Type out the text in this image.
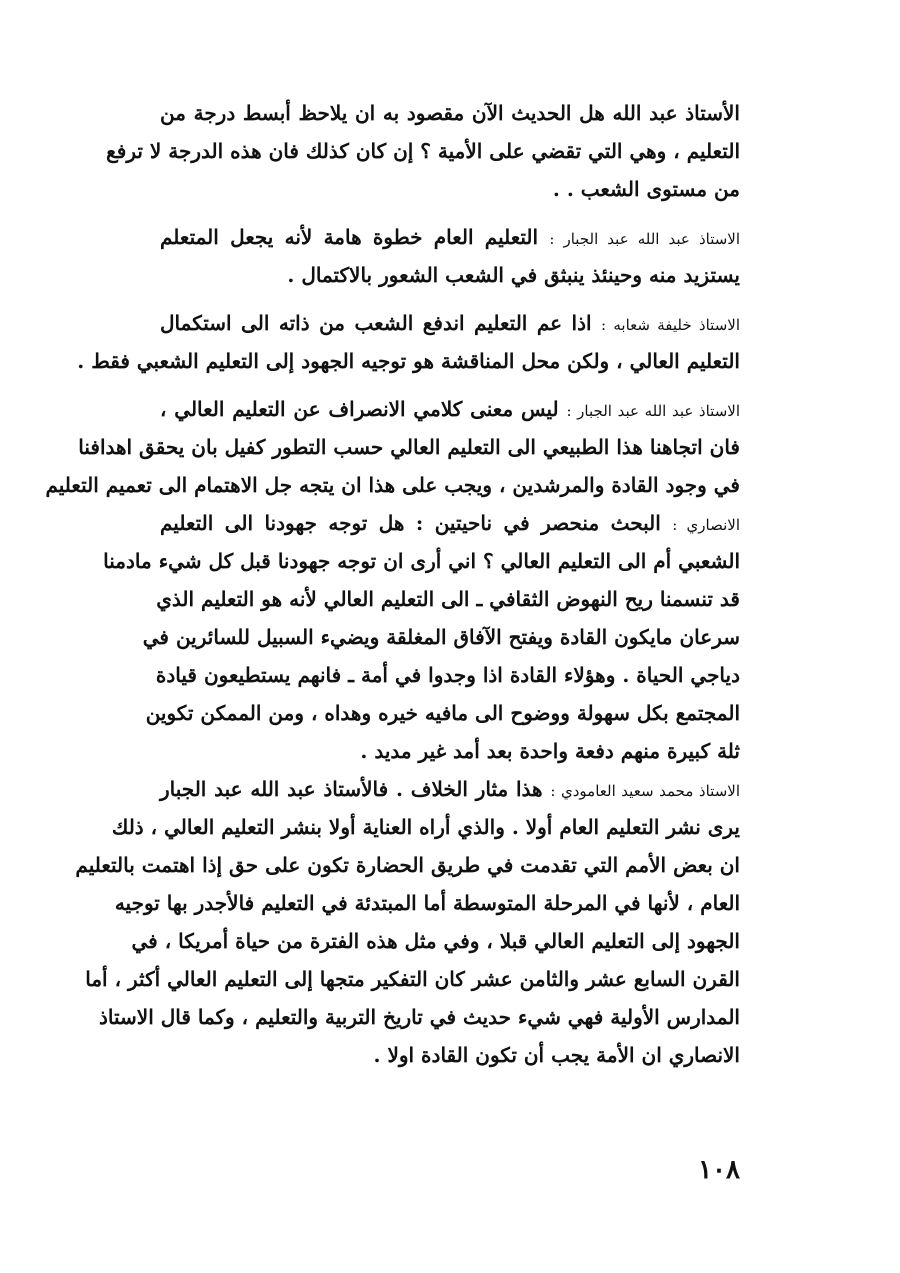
الأستاذ عبد الله هل الحديث الآن مقصود به ان يلاحظ أبسط درجة من
التعليم ، وهي التي تقضي على الأمية ؟ إن كان كذلك فان هذه الدرجة لا ترفع
من مستوى الشعب . .
الاستاذ عبد الله عبد الجبار : التعليم العام خطوة هامة لأنه يجعل المتعلم
يستزيد منه وحينئذ ينبثق في الشعب الشعور بالاكتمال .
الاستاذ خليفة شعابه : اذا عم التعليم اندفع الشعب من ذاته الى استكمال
التعليم العالي ، ولكن محل المناقشة هو توجيه الجهود إلى التعليم الشعبي فقط .
الاستاذ عبد الله عبد الجبار : ليس معنى كلامي الانصراف عن التعليم العالي ،
فان اتجاهنا هذا الطبيعي الى التعليم العالي حسب التطور كفيل بان يحقق اهدافنا
في وجود القادة والمرشدين ، ويجب على هذا ان يتجه جل الاهتمام الى تعميم التعليم
الانصاري : البحث منحصر في ناحيتين : هل توجه جهودنا الى التعليم
الشعبي أم الى التعليم العالي ؟ اني أرى ان توجه جهودنا قبل كل شيء مادمنا
قد تنسمنا ريح النهوض الثقافي ـ الى التعليم العالي لأنه هو التعليم الذي
سرعان مايكون القادة ويفتح الآفاق المغلقة ويضيء السبيل للسائرين في
دياجي الحياة . وهؤلاء القادة اذا وجدوا في أمة ـ فانهم يستطيعون قيادة
المجتمع بكل سهولة ووضوح الى مافيه خيره وهداه ، ومن الممكن تكوين
ثلة كبيرة منهم دفعة واحدة بعد أمد غير مديد .
الاستاذ محمد سعيد العامودي : هذا مثار الخلاف . فالأستاذ عبد الله عبد الجبار
يرى نشر التعليم العام أولا . والذي أراه العناية أولا بنشر التعليم العالي ، ذلك
ان بعض الأمم التي تقدمت في طريق الحضارة تكون على حق إذا اهتمت بالتعليم
العام ، لأنها في المرحلة المتوسطة أما المبتدئة في التعليم فالأجدر بها توجيه
الجهود إلى التعليم العالي قبلا ، وفي مثل هذه الفترة من حياة أمريكا ، في
القرن السابع عشر والثامن عشر كان التفكير متجها إلى التعليم العالي أكثر ، أما
المدارس الأولية فهي شيء حديث في تاريخ التربية والتعليم ، وكما قال الاستاذ
الانصاري ان الأمة يجب أن تكون القادة اولا .
١٠٨
